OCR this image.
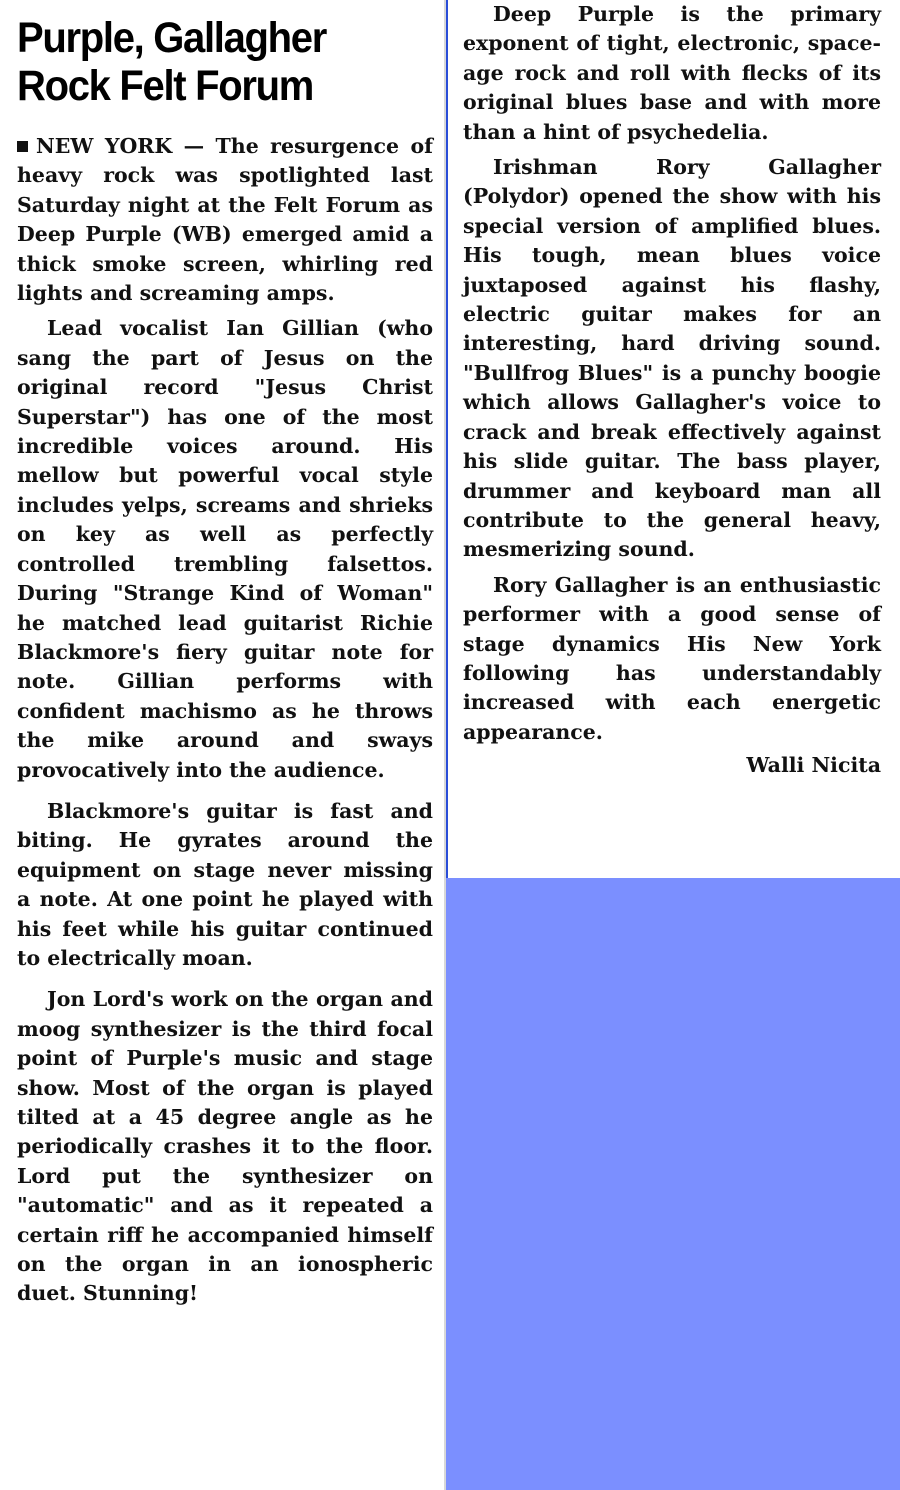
Purple, Gallagher
Rock Felt Forum

NEW YORK — The resurgence of heavy rock was spotlighted last Saturday night at the Felt Forum as Deep Purple (WB) emerged amid a thick smoke screen, whirling red lights and screaming amps.

Lead vocalist Ian Gillian (who sang the part of Jesus on the original record "Jesus Christ Superstar") has one of the most incredible voices around. His mellow but powerful vocal style includes yelps, screams and shrieks on key as well as perfectly controlled trembling falsettos. During "Strange Kind of Woman" he matched lead guitarist Richie Blackmore's fiery guitar note for note. Gillian performs with confident machismo as he throws the mike around and sways provocatively into the audience.

Blackmore's guitar is fast and biting. He gyrates around the equipment on stage never missing a note. At one point he played with his feet while his guitar continued to electrically moan.

Jon Lord's work on the organ and moog synthesizer is the third focal point of Purple's music and stage show. Most of the organ is played tilted at a 45 degree angle as he periodically crashes it to the floor. Lord put the synthesizer on "automatic" and as it repeated a certain riff he accompanied himself on the organ in an ionospheric duet. Stunning!

Deep Purple is the primary exponent of tight, electronic, space-age rock and roll with flecks of its original blues base and with more than a hint of psychedelia.

Irishman Rory Gallagher (Polydor) opened the show with his special version of amplified blues. His tough, mean blues voice juxtaposed against his flashy, electric guitar makes for an interesting, hard driving sound. "Bullfrog Blues" is a punchy boogie which allows Gallagher's voice to crack and break effectively against his slide guitar. The bass player, drummer and keyboard man all contribute to the general heavy, mesmerizing sound.

Rory Gallagher is an enthusiastic performer with a good sense of stage dynamics His New York following has understandably increased with each energetic appearance.

Walli Nicita
